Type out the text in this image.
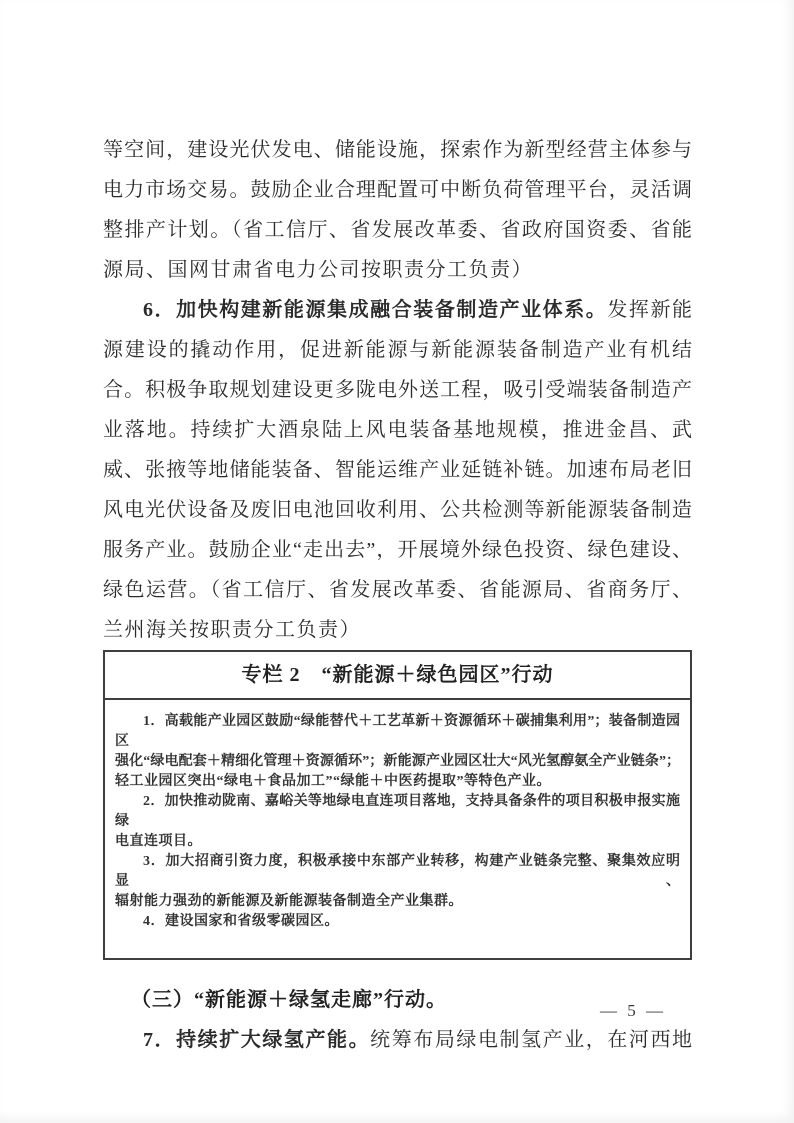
等空间，建设光伏发电、储能设施，探索作为新型经营主体参与
电力市场交易。鼓励企业合理配置可中断负荷管理平台，灵活调
整排产计划。（省工信厅、省发展改革委、省政府国资委、省能
源局、国网甘肃省电力公司按职责分工负责）
6．加快构建新能源集成融合装备制造产业体系。发挥新能
源建设的撬动作用，促进新能源与新能源装备制造产业有机结
合。积极争取规划建设更多陇电外送工程，吸引受端装备制造产
业落地。持续扩大酒泉陆上风电装备基地规模，推进金昌、武
威、张掖等地储能装备、智能运维产业延链补链。加速布局老旧
风电光伏设备及废旧电池回收利用、公共检测等新能源装备制造
服务产业。鼓励企业“走出去”，开展境外绿色投资、绿色建设、
绿色运营。（省工信厅、省发展改革委、省能源局、省商务厅、
兰州海关按职责分工负责）
专栏 2　“新能源＋绿色园区”行动
1．高载能产业园区鼓励“绿能替代＋工艺革新＋资源循环＋碳捕集利用”；装备制造园区
强化“绿电配套＋精细化管理＋资源循环”；新能源产业园区壮大“风光氢醇氨全产业链条”；
轻工业园区突出“绿电＋食品加工”“绿能＋中医药提取”等特色产业。
2．加快推动陇南、嘉峪关等地绿电直连项目落地，支持具备条件的项目积极申报实施绿
电直连项目。
3．加大招商引资力度，积极承接中东部产业转移，构建产业链条完整、聚集效应明显、
辐射能力强劲的新能源及新能源装备制造全产业集群。
4．建设国家和省级零碳园区。
（三）“新能源＋绿氢走廊”行动。
7．持续扩大绿氢产能。统筹布局绿电制氢产业，在河西地
— 5 —
